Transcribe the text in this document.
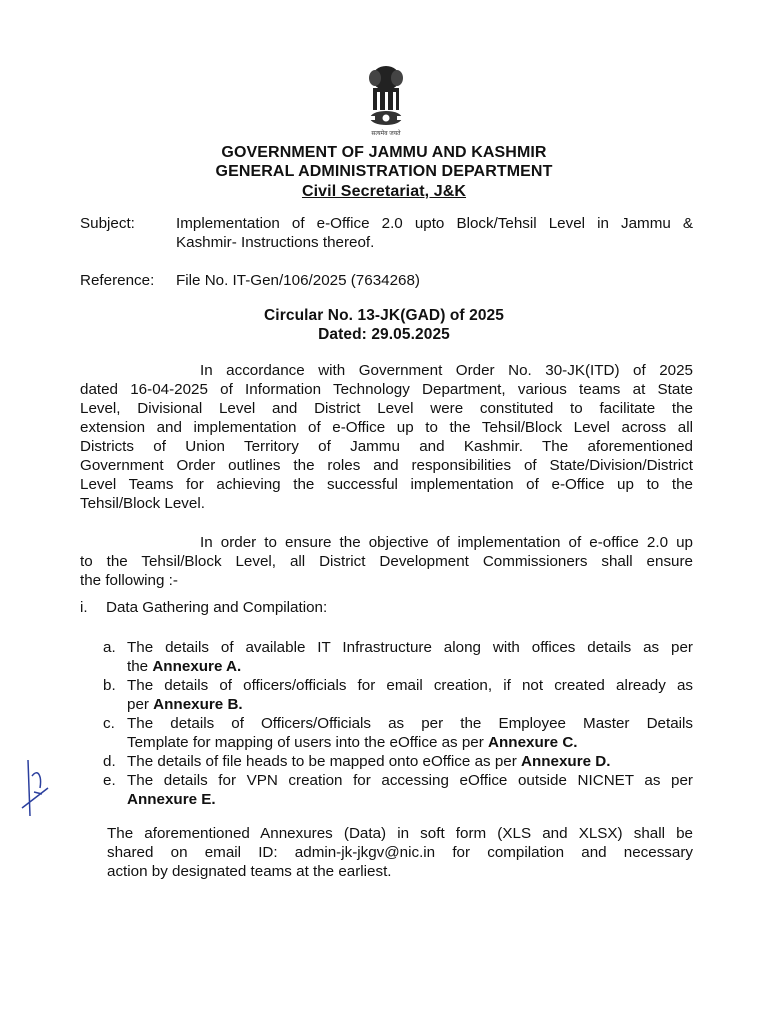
सत्यमेव जयते
GOVERNMENT OF JAMMU AND KASHMIR
GENERAL ADMINISTRATION DEPARTMENT
Civil Secretariat, J&K
Subject:	Implementation of e-Office 2.0 upto Block/Tehsil Level in Jammu &
Kashmir- Instructions thereof.
Reference: File No. IT-Gen/106/2025 (7634268)
Circular No. 13-JK(GAD) of 2025
Dated: 29.05.2025
In accordance with Government Order No. 30-JK(ITD) of 2025
dated 16-04-2025 of Information Technology Department, various teams at State
Level, Divisional Level and District Level were constituted to facilitate the
extension and implementation of e-Office up to the Tehsil/Block Level across all
Districts of Union Territory of Jammu and Kashmir. The aforementioned
Government Order outlines the roles and responsibilities of State/Division/District
Level Teams for achieving the successful implementation of e-Office up to the
Tehsil/Block Level.
In order to ensure the objective of implementation of e-office 2.0 up
to the Tehsil/Block Level, all District Development Commissioners shall ensure
the following :-
i. Data Gathering and Compilation:
a. The details of available IT Infrastructure along with offices details as per
the Annexure A.
b. The details of officers/officials for email creation, if not created already as
per Annexure B.
c. The details of Officers/Officials as per the Employee Master Details
Template for mapping of users into the eOffice as per Annexure C.
d. The details of file heads to be mapped onto eOffice as per Annexure D.
e. The details for VPN creation for accessing eOffice outside NICNET as per
Annexure E.
The aforementioned Annexures (Data) in soft form (XLS and XLSX) shall be
shared on email ID: admin-jk-jkgv@nic.in for compilation and necessary
action by designated teams at the earliest.
